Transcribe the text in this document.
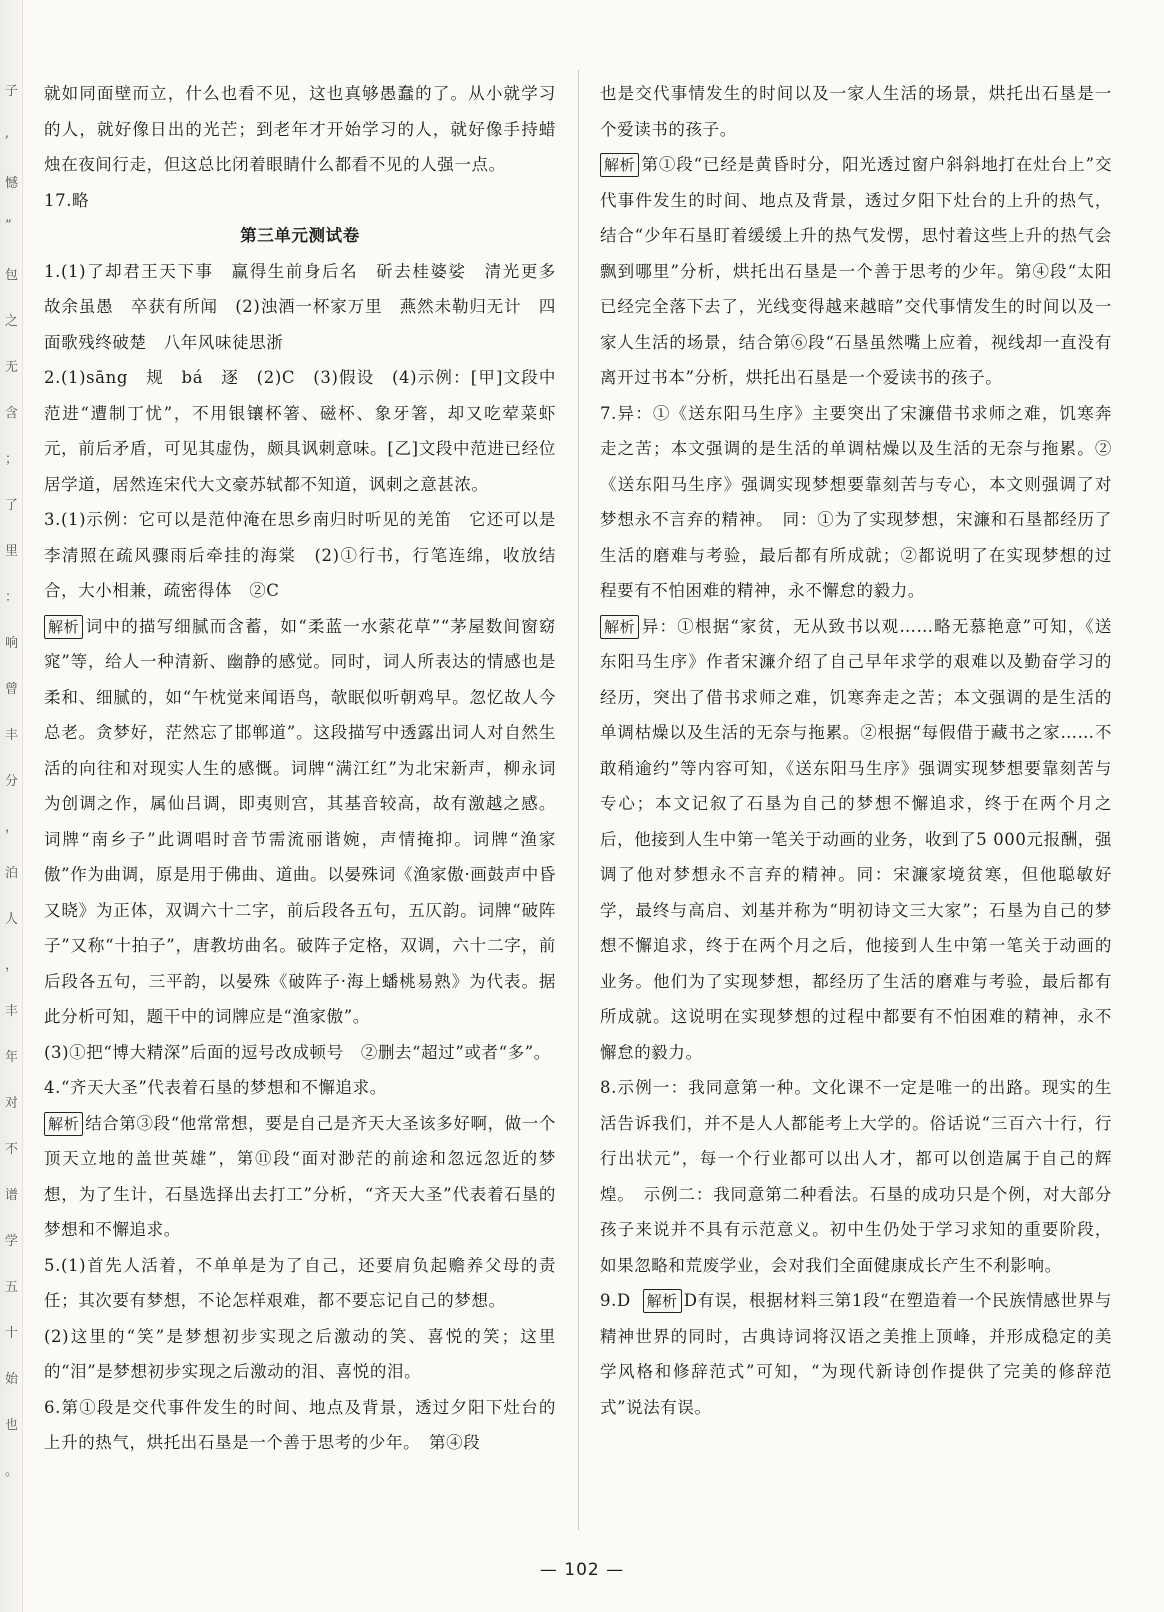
子
,
憾
”
包
之
无
含
；
了
里
：
响
曾
丰
分
，
泊
人
，
丰
年
对
不
谱
学
五
十
始
也
。

就如同面壁而立，什么也看不见，这也真够愚蠢的了。从小就学习的人，就好像日出的光芒；到老年才开始学习的人，就好像手持蜡烛在夜间行走，但这总比闭着眼睛什么都看不见的人强一点。

17.略

第三单元测试卷

1.(1)了却君王天下事　赢得生前身后名　斫去桂婆娑　清光更多　故余虽愚　卒获有所闻　(2)浊酒一杯家万里　燕然未勒归无计　四面歌残终破楚　八年风味徒思浙

2.(1)sāng　规　bá　逐　(2)C　(3)假设　(4)示例：[甲]文段中范进“遭制丁忧”，不用银镶杯箸、磁杯、象牙箸，却又吃荤菜虾元，前后矛盾，可见其虚伪，颇具讽刺意味。[乙]文段中范进已经位居学道，居然连宋代大文豪苏轼都不知道，讽刺之意甚浓。

3.(1)示例：它可以是范仲淹在思乡南归时听见的羌笛　它还可以是李清照在疏风骤雨后牵挂的海棠　(2)①行书，行笔连绵，收放结合，大小相兼，疏密得体　②C

解析 词中的描写细腻而含蓄，如“柔蓝一水萦花草”“茅屋数间窗窈窕”等，给人一种清新、幽静的感觉。同时，词人所表达的情感也是柔和、细腻的，如“午枕觉来闻语鸟，欹眠似听朝鸡早。忽忆故人今总老。贪梦好，茫然忘了邯郸道”。这段描写中透露出词人对自然生活的向往和对现实人生的感慨。词牌“满江红”为北宋新声，柳永词为创调之作，属仙吕调，即夷则宫，其基音较高，故有激越之感。词牌“南乡子”此调唱时音节需流丽谐婉，声情掩抑。词牌“渔家傲”作为曲调，原是用于佛曲、道曲。以晏殊词《渔家傲·画鼓声中昏又晓》为正体，双调六十二字，前后段各五句，五仄韵。词牌“破阵子”又称“十拍子”，唐教坊曲名。破阵子定格，双调，六十二字，前后段各五句，三平韵，以晏殊《破阵子·海上蟠桃易熟》为代表。据此分析可知，题干中的词牌应是“渔家傲”。

(3)①把“博大精深”后面的逗号改成顿号　②删去“超过”或者“多”。

4.“齐天大圣”代表着石垦的梦想和不懈追求。

解析 结合第③段“他常常想，要是自己是齐天大圣该多好啊，做一个顶天立地的盖世英雄”，第⑪段“面对渺茫的前途和忽远忽近的梦想，为了生计，石垦选择出去打工”分析，“齐天大圣”代表着石垦的梦想和不懈追求。

5.(1)首先人活着，不单单是为了自己，还要肩负起赡养父母的责任；其次要有梦想，不论怎样艰难，都不要忘记自己的梦想。

(2)这里的“笑”是梦想初步实现之后激动的笑、喜悦的笑；这里的“泪”是梦想初步实现之后激动的泪、喜悦的泪。

6.第①段是交代事件发生的时间、地点及背景，透过夕阳下灶台的上升的热气，烘托出石垦是一个善于思考的少年。　第④段

也是交代事情发生的时间以及一家人生活的场景，烘托出石垦是一个爱读书的孩子。

解析 第①段“已经是黄昏时分，阳光透过窗户斜斜地打在灶台上”交代事件发生的时间、地点及背景，透过夕阳下灶台的上升的热气，结合“少年石垦盯着缓缓上升的热气发愣，思忖着这些上升的热气会飘到哪里”分析，烘托出石垦是一个善于思考的少年。第④段“太阳已经完全落下去了，光线变得越来越暗”交代事情发生的时间以及一家人生活的场景，结合第⑥段“石垦虽然嘴上应着，视线却一直没有离开过书本”分析，烘托出石垦是一个爱读书的孩子。

7.异：①《送东阳马生序》主要突出了宋濂借书求师之难，饥寒奔走之苦；本文强调的是生活的单调枯燥以及生活的无奈与拖累。②《送东阳马生序》强调实现梦想要靠刻苦与专心，本文则强调了对梦想永不言弃的精神。　同：①为了实现梦想，宋濂和石垦都经历了生活的磨难与考验，最后都有所成就；②都说明了在实现梦想的过程要有不怕困难的精神，永不懈怠的毅力。

解析 异：①根据“家贫，无从致书以观……略无慕艳意”可知，《送东阳马生序》作者宋濂介绍了自己早年求学的艰难以及勤奋学习的经历，突出了借书求师之难，饥寒奔走之苦；本文强调的是生活的单调枯燥以及生活的无奈与拖累。②根据“每假借于藏书之家……不敢稍逾约”等内容可知，《送东阳马生序》强调实现梦想要靠刻苦与专心；本文记叙了石垦为自己的梦想不懈追求，终于在两个月之后，他接到人生中第一笔关于动画的业务，收到了5 000元报酬，强调了他对梦想永不言弃的精神。同：宋濂家境贫寒，但他聪敏好学，最终与高启、刘基并称为“明初诗文三大家”；石垦为自己的梦想不懈追求，终于在两个月之后，他接到人生中第一笔关于动画的业务。他们为了实现梦想，都经历了生活的磨难与考验，最后都有所成就。这说明在实现梦想的过程中都要有不怕困难的精神，永不懈怠的毅力。

8.示例一：我同意第一种。文化课不一定是唯一的出路。现实的生活告诉我们，并不是人人都能考上大学的。俗话说“三百六十行，行行出状元”，每一个行业都可以出人才，都可以创造属于自己的辉煌。　示例二：我同意第二种看法。石垦的成功只是个例，对大部分孩子来说并不具有示范意义。初中生仍处于学习求知的重要阶段，如果忽略和荒废学业，会对我们全面健康成长产生不利影响。

9.D 解析 D有误，根据材料三第1段“在塑造着一个民族情感世界与精神世界的同时，古典诗词将汉语之美推上顶峰，并形成稳定的美学风格和修辞范式”可知，“为现代新诗创作提供了完美的修辞范式”说法有误。

— 102 —
